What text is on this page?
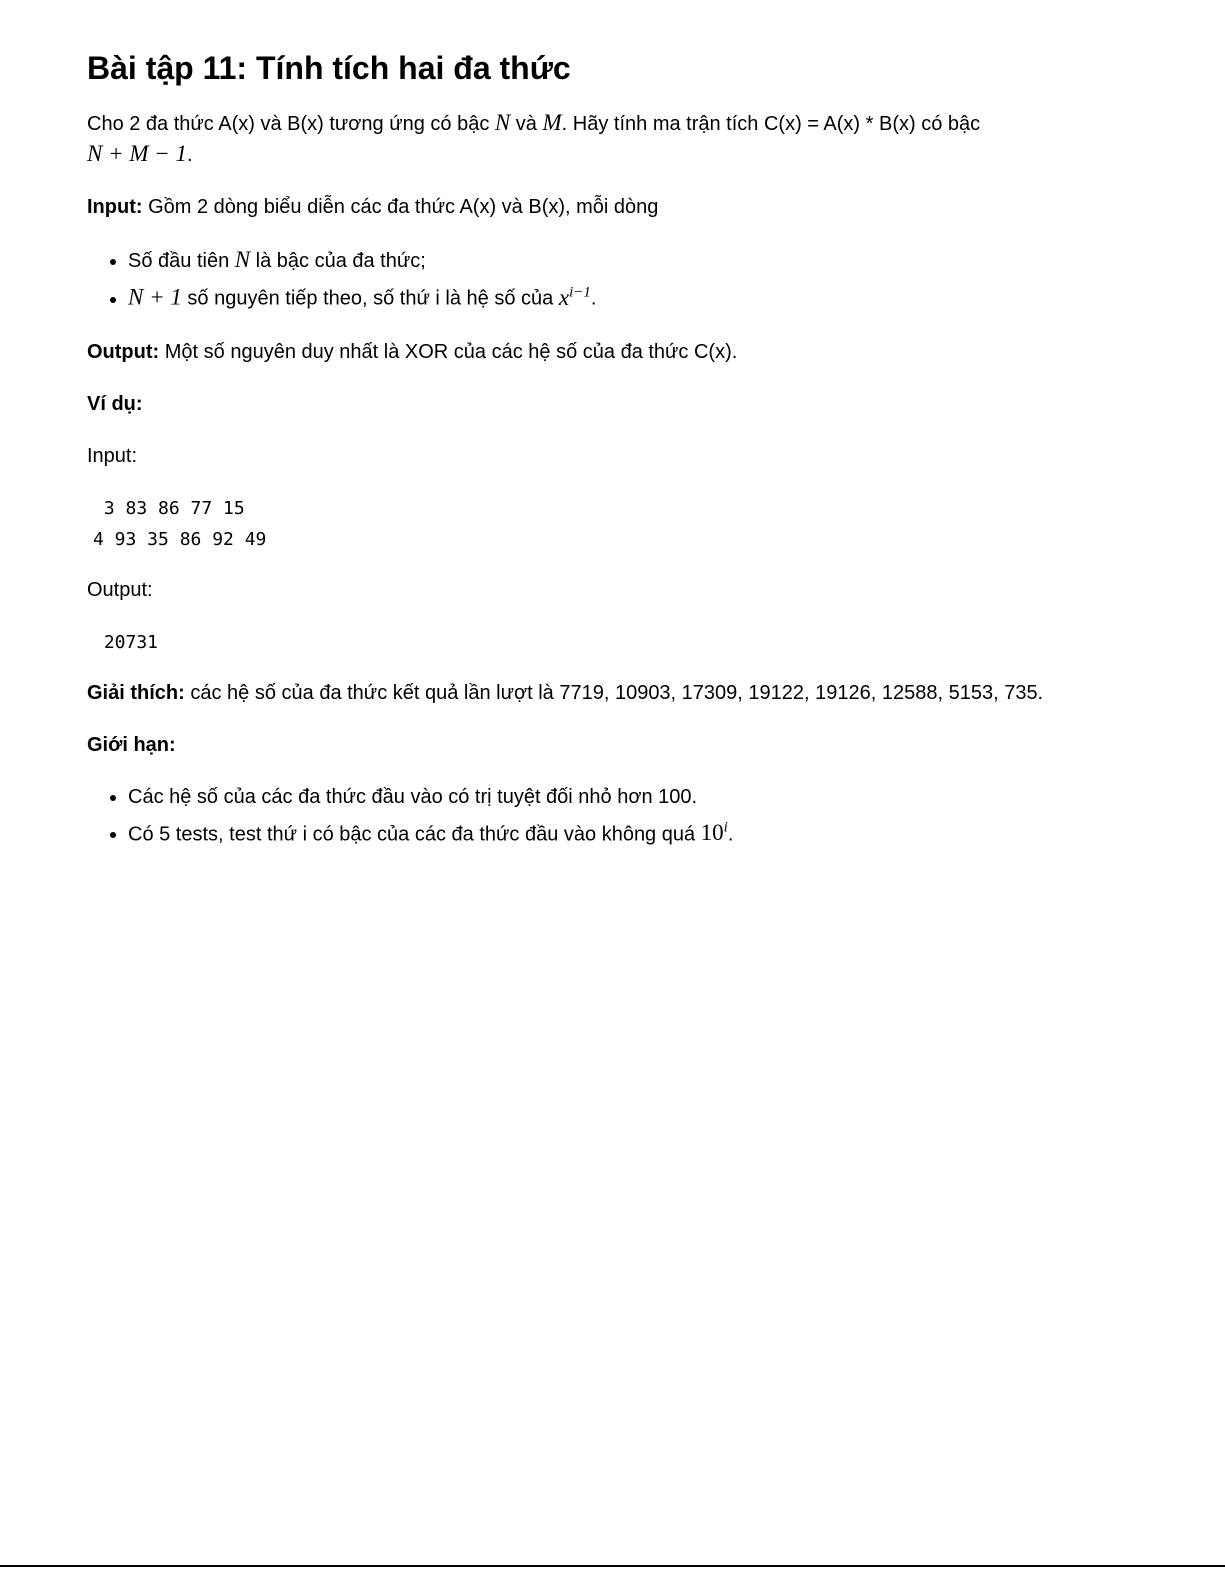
Bài tập 11: Tính tích hai đa thức

Cho 2 đa thức A(x) và B(x) tương ứng có bậc N và M. Hãy tính ma trận tích C(x) = A(x) * B(x) có bậc
N + M − 1.

Input: Gồm 2 dòng biểu diễn các đa thức A(x) và B(x), mỗi dòng

• Số đầu tiên N là bậc của đa thức;
• N + 1 số nguyên tiếp theo, số thứ i là hệ số của $x^{i-1}$.

Output: Một số nguyên duy nhất là XOR của các hệ số của đa thức C(x).

Ví dụ:

Input:

3 83 86 77 15
4 93 35 86 92 49

Output:

20731

Giải thích: các hệ số của đa thức kết quả lần lượt là 7719, 10903, 17309, 19122, 19126, 12588, 5153, 735.

Giới hạn:

• Các hệ số của các đa thức đầu vào có trị tuyệt đối nhỏ hơn 100.
• Có 5 tests, test thứ i có bậc của các đa thức đầu vào không quá 10$^i$.
